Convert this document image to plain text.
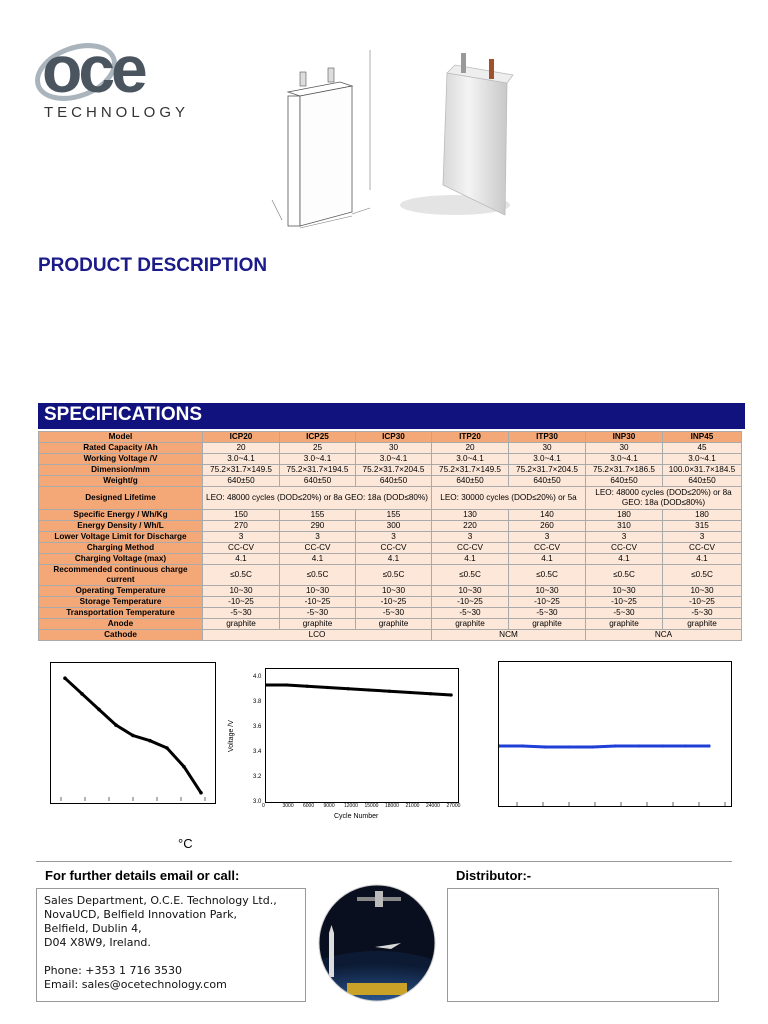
oce
TECHNOLOGY
PRODUCT DESCRIPTION
SPECIFICATIONS
Model	ICP20	ICP25	ICP30	ITP20	ITP30	INP30	INP45
Rated Capacity /Ah	20	25	30	20	30	30	45
Working Voltage /V	3.0~4.1	3.0~4.1	3.0~4.1	3.0~4.1	3.0~4.1	3.0~4.1	3.0~4.1
Dimension/mm	75.2×31.7×149.5	75.2×31.7×194.5	75.2×31.7×204.5	75.2×31.7×149.5	75.2×31.7×204.5	75.2×31.7×186.5	100.0×31.7×184.5
Weight/g	640±50	640±50	640±50	640±50	640±50	640±50	640±50
Designed Lifetime	LEO: 48000 cycles (DOD≤20%) or 8a GEO: 18a (DOD≤80%)			LEO: 30000 cycles (DOD≤20%) or 5a		LEO: 48000 cycles (DOD≤20%) or 8a GEO: 18a (DOD≤80%)	
Specific Energy / Wh/Kg	150	155	155	130	140	180	180
Energy Density / Wh/L	270	290	300	220	260	310	315
Lower Voltage Limit for Discharge	3	3	3	3	3	3	3
Charging Method	CC-CV	CC-CV	CC-CV	CC-CV	CC-CV	CC-CV	CC-CV
Charging Voltage (max)	4.1	4.1	4.1	4.1	4.1	4.1	4.1
Recommended continuous charge current	≤0.5C	≤0.5C	≤0.5C	≤0.5C	≤0.5C	≤0.5C	≤0.5C
Operating Temperature	10~30	10~30	10~30	10~30	10~30	10~30	10~30
Storage Temperature	-10~25	-10~25	-10~25	-10~25	-10~25	-10~25	-10~25
Transportation Temperature	-5~30	-5~30	-5~30	-5~30	-5~30	-5~30	-5~30
Anode	graphite	graphite	graphite	graphite	graphite	graphite	graphite
Cathode	LCO			NCM		NCA	
°C
Voltage /V
Cycle Number
4.0
3.8
3.6
3.4
3.2
3.0
0	3000 6000 9000 12000 15000 18000 21000 24000 27000
For further details email or call:	Distributor:-
Sales Department, O.C.E. Technology Ltd.,
NovaUCD, Belfield Innovation Park,
Belfield, Dublin 4,
D04 X8W9, Ireland.
Phone: +353 1 716 3530
Email: sales@ocetechnology.com
